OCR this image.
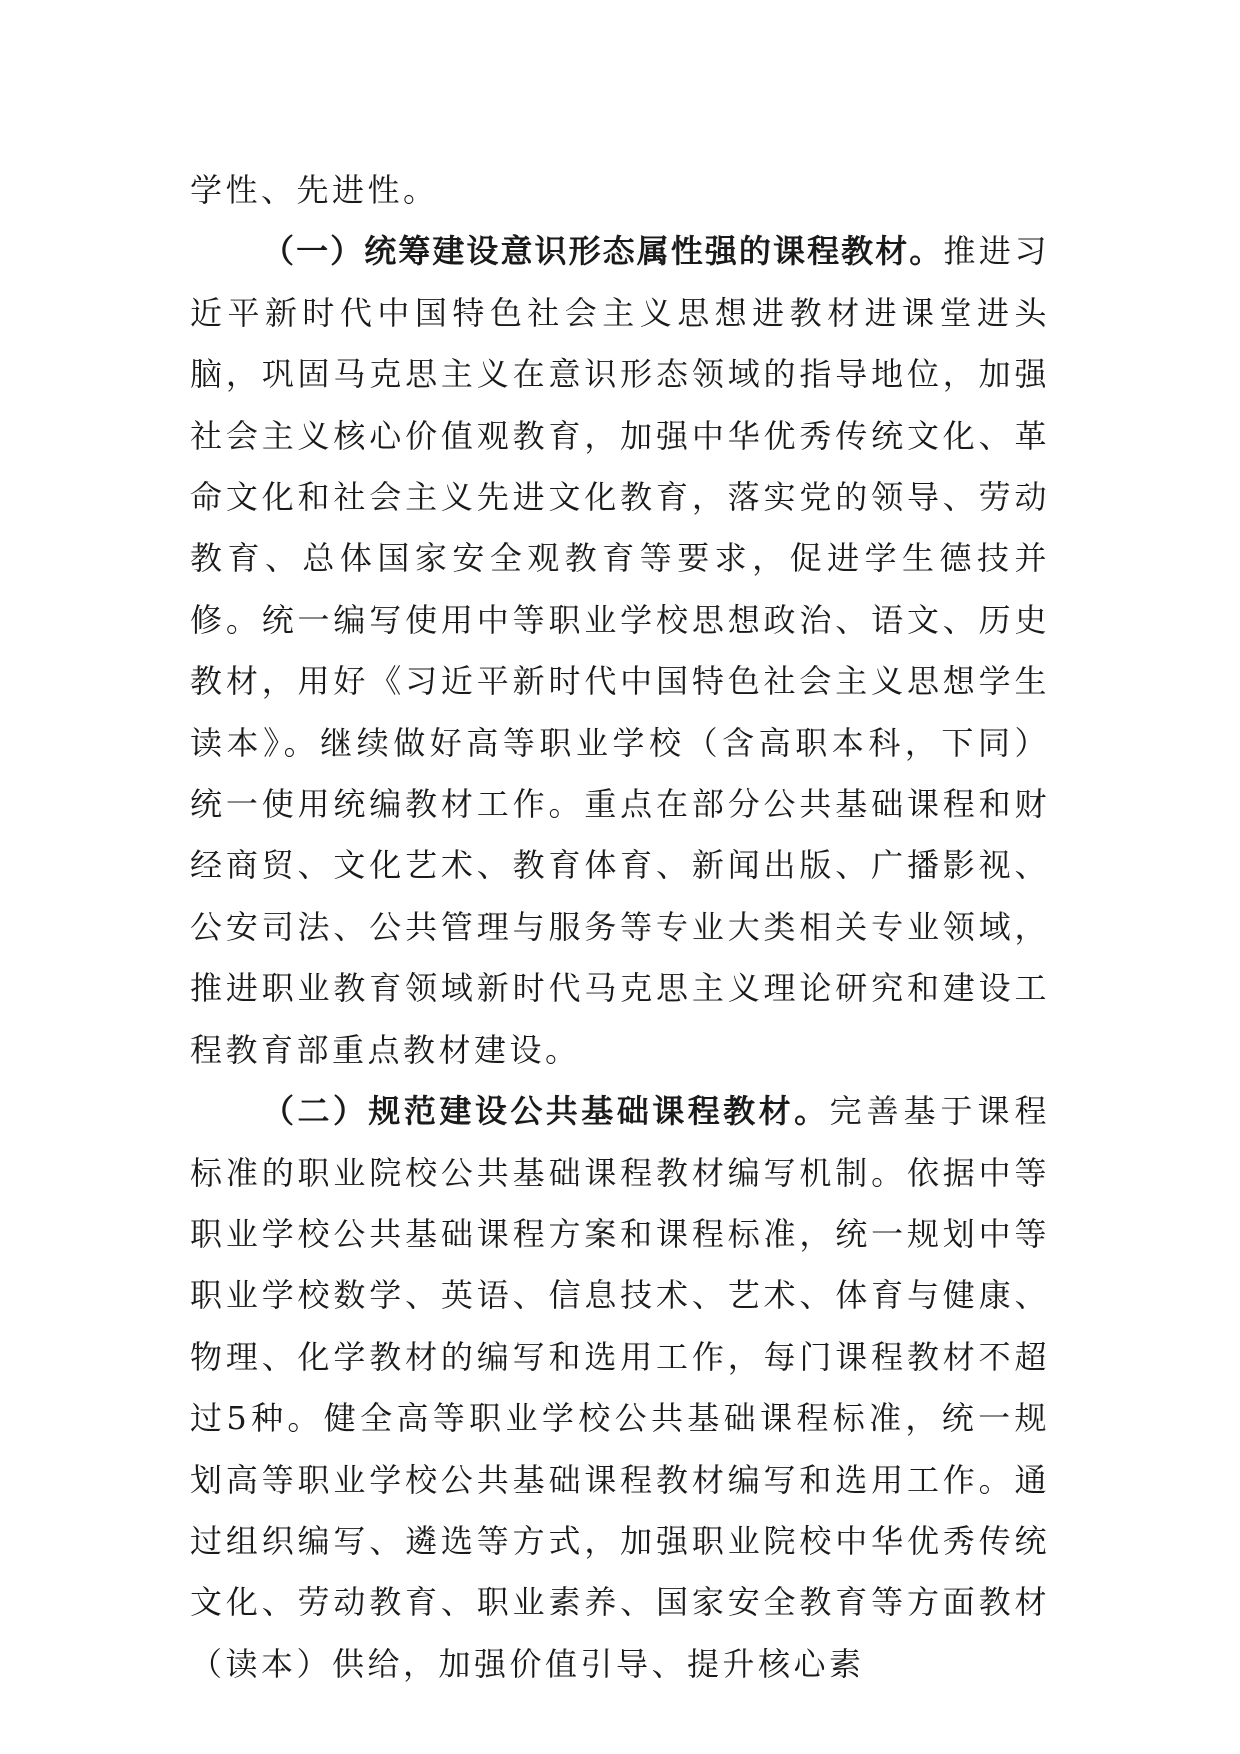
学性、先进性。

（一）统筹建设意识形态属性强的课程教材。推进习近平新时代中国特色社会主义思想进教材进课堂进头脑，巩固马克思主义在意识形态领域的指导地位，加强社会主义核心价值观教育，加强中华优秀传统文化、革命文化和社会主义先进文化教育，落实党的领导、劳动教育、总体国家安全观教育等要求，促进学生德技并修。统一编写使用中等职业学校思想政治、语文、历史教材，用好《习近平新时代中国特色社会主义思想学生读本》。继续做好高等职业学校（含高职本科，下同）统一使用统编教材工作。重点在部分公共基础课程和财经商贸、文化艺术、教育体育、新闻出版、广播影视、公安司法、公共管理与服务等专业大类相关专业领域，推进职业教育领域新时代马克思主义理论研究和建设工程教育部重点教材建设。

（二）规范建设公共基础课程教材。完善基于课程标准的职业院校公共基础课程教材编写机制。依据中等职业学校公共基础课程方案和课程标准，统一规划中等职业学校数学、英语、信息技术、艺术、体育与健康、物理、化学教材的编写和选用工作，每门课程教材不超过5种。健全高等职业学校公共基础课程标准，统一规划高等职业学校公共基础课程教材编写和选用工作。通过组织编写、遴选等方式，加强职业院校中华优秀传统文化、劳动教育、职业素养、国家安全教育等方面教材（读本）供给，加强价值引导、提升核心素
